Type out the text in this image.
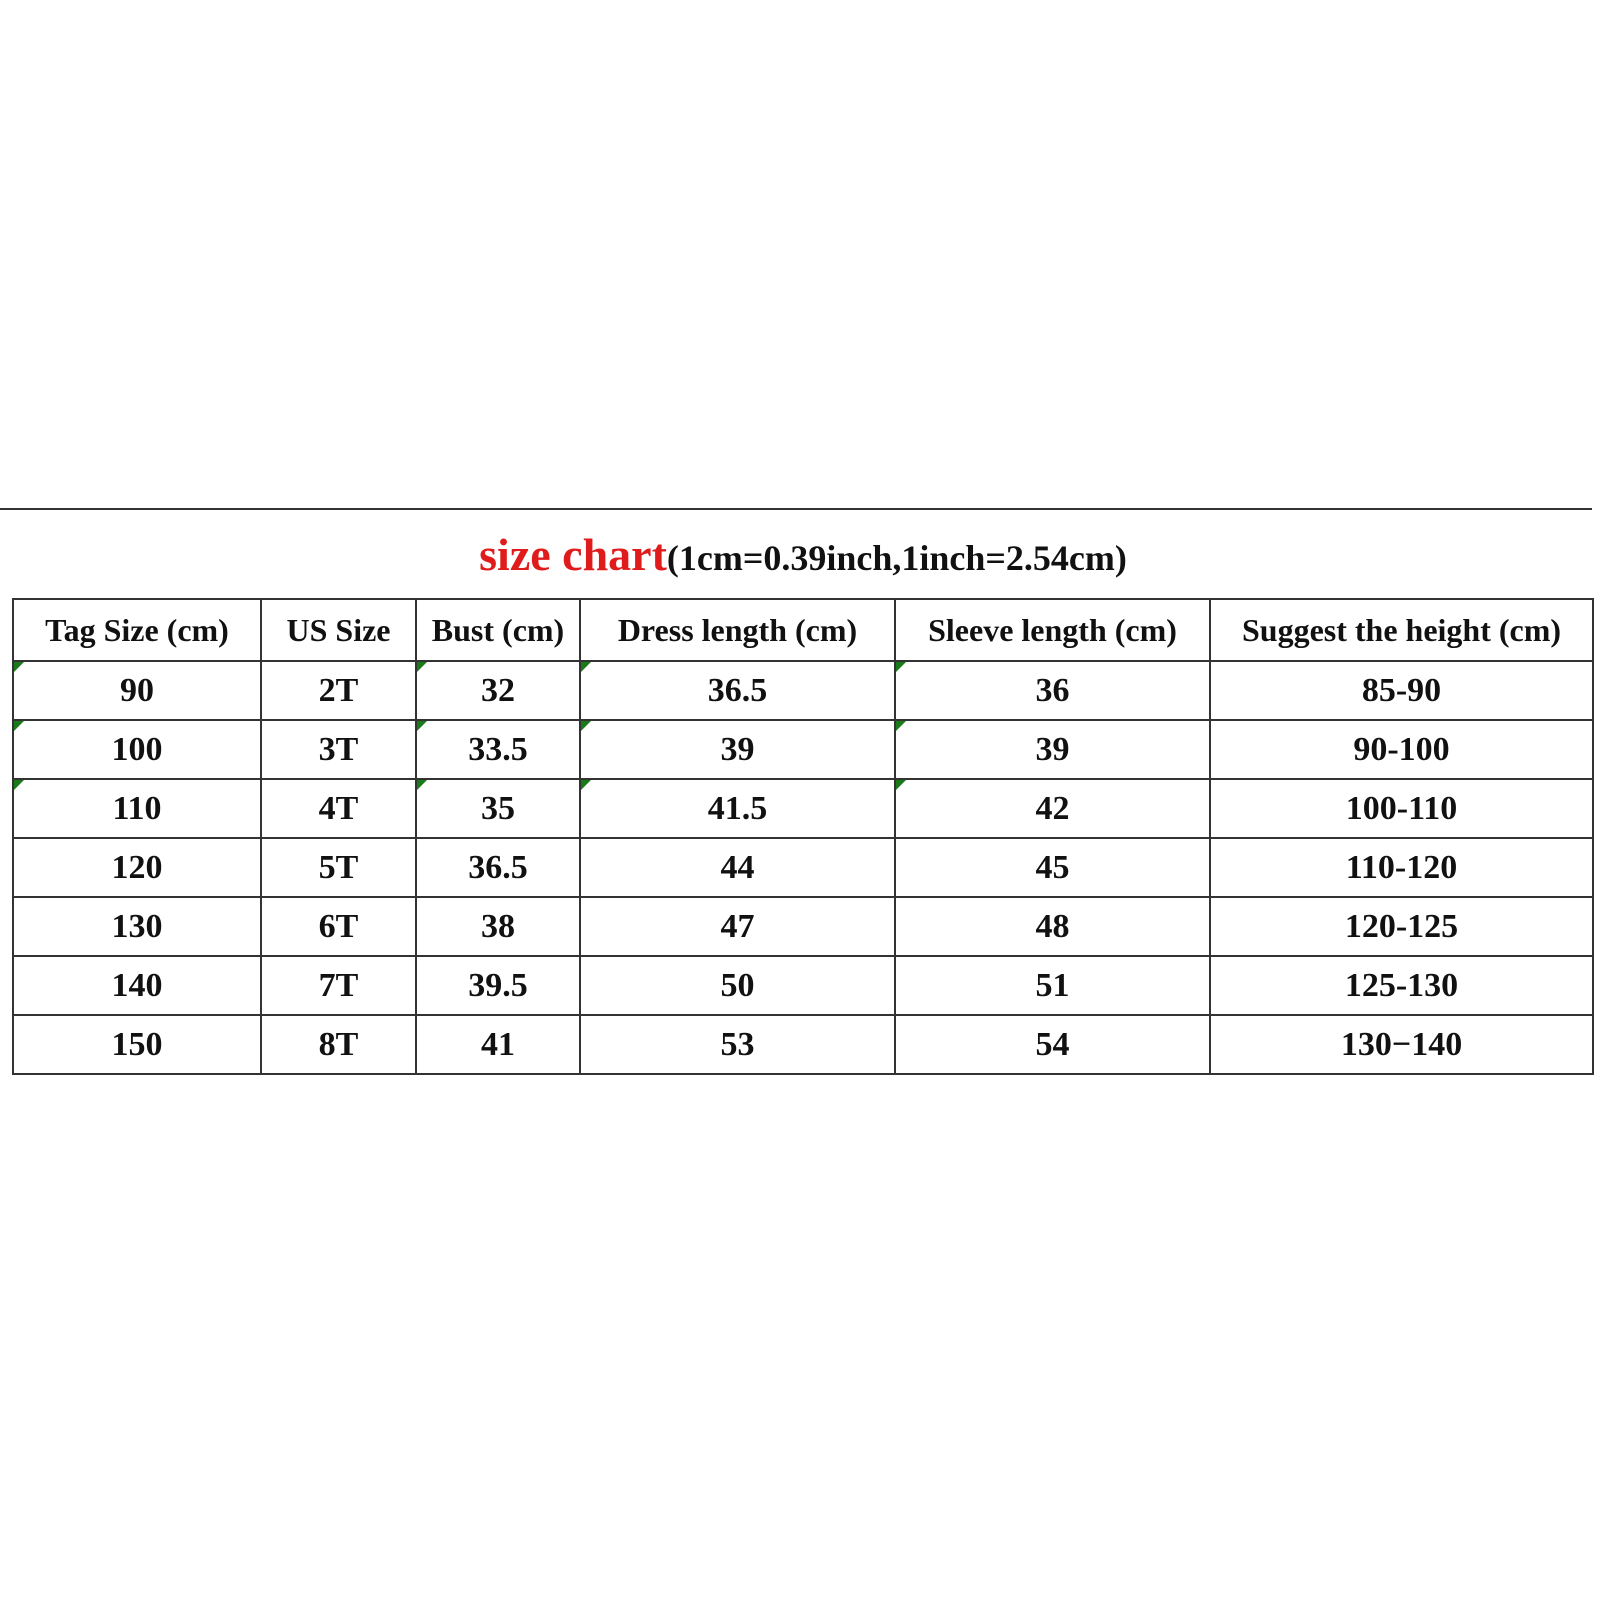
size chart(1cm=0.39inch,1inch=2.54cm)					
Tag Size (cm)	US Size	Bust (cm)	Dress length (cm)	Sleeve length (cm)	Suggest the height (cm)

90	2T	32	36.5	36	85-90

100	3T	33.5	39	39	90-100

110	4T	35	41.5	42	100-110
120	5T	36.5	44	45	110-120
130	6T	38	47	48	120-125
140	7T	39.5	50	51	125-130
150	8T	41	53	54	130−140
